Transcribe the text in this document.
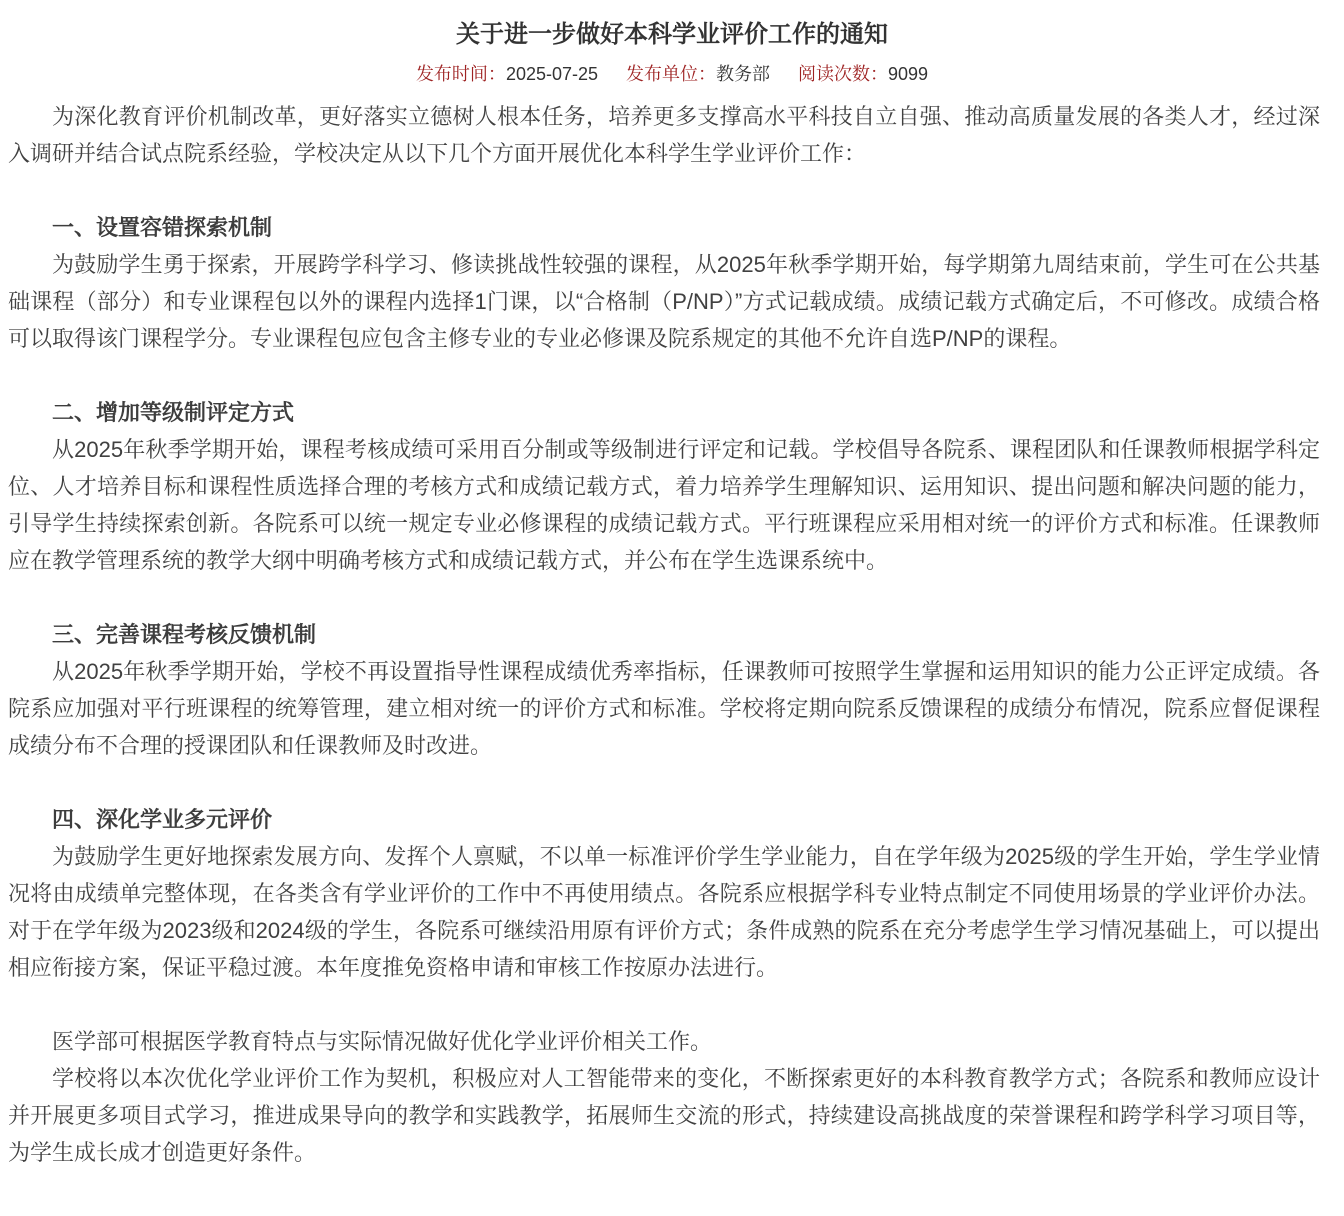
关于进一步做好本科学业评价工作的通知
发布时间：2025-07-25 发布单位：教务部 阅读次数：9099

为深化教育评价机制改革，更好落实立德树人根本任务，培养更多支撑高水平科技自立自强、推动高质量发展的各类人才，经过深入调研并结合试点院系经验，学校决定从以下几个方面开展优化本科学生学业评价工作：

一、设置容错探索机制

为鼓励学生勇于探索，开展跨学科学习、修读挑战性较强的课程，从2025年秋季学期开始，每学期第九周结束前，学生可在公共基础课程（部分）和专业课程包以外的课程内选择1门课，以“合格制（P/NP）”方式记载成绩。成绩记载方式确定后，不可修改。成绩合格可以取得该门课程学分。专业课程包应包含主修专业的专业必修课及院系规定的其他不允许自选P/NP的课程。

二、增加等级制评定方式

从2025年秋季学期开始，课程考核成绩可采用百分制或等级制进行评定和记载。学校倡导各院系、课程团队和任课教师根据学科定位、人才培养目标和课程性质选择合理的考核方式和成绩记载方式，着力培养学生理解知识、运用知识、提出问题和解决问题的能力，引导学生持续探索创新。各院系可以统一规定专业必修课程的成绩记载方式。平行班课程应采用相对统一的评价方式和标准。任课教师应在教学管理系统的教学大纲中明确考核方式和成绩记载方式，并公布在学生选课系统中。

三、完善课程考核反馈机制

从2025年秋季学期开始，学校不再设置指导性课程成绩优秀率指标，任课教师可按照学生掌握和运用知识的能力公正评定成绩。各院系应加强对平行班课程的统筹管理，建立相对统一的评价方式和标准。学校将定期向院系反馈课程的成绩分布情况，院系应督促课程成绩分布不合理的授课团队和任课教师及时改进。

四、深化学业多元评价

为鼓励学生更好地探索发展方向、发挥个人禀赋，不以单一标准评价学生学业能力，自在学年级为2025级的学生开始，学生学业情况将由成绩单完整体现，在各类含有学业评价的工作中不再使用绩点。各院系应根据学科专业特点制定不同使用场景的学业评价办法。对于在学年级为2023级和2024级的学生，各院系可继续沿用原有评价方式；条件成熟的院系在充分考虑学生学习情况基础上，可以提出相应衔接方案，保证平稳过渡。本年度推免资格申请和审核工作按原办法进行。

医学部可根据医学教育特点与实际情况做好优化学业评价相关工作。

学校将以本次优化学业评价工作为契机，积极应对人工智能带来的变化，不断探索更好的本科教育教学方式；各院系和教师应设计并开展更多项目式学习，推进成果导向的教学和实践教学，拓展师生交流的形式，持续建设高挑战度的荣誉课程和跨学科学习项目等，为学生成长成才创造更好条件。
